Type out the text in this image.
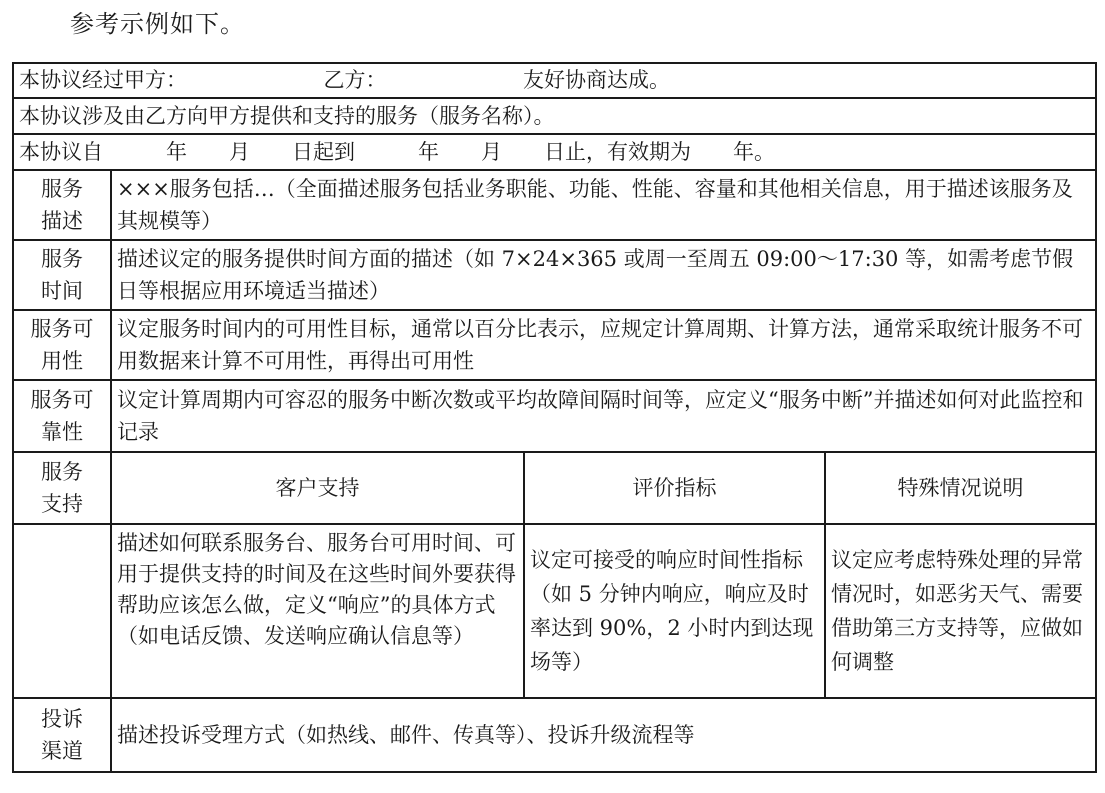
参考示例如下。
本协议经过甲方：　　　　　　　乙方：　　　　　　　友好协商达成。			
本协议涉及由乙方向甲方提供和支持的服务（服务名称）。			
本协议自　　　年　　月　　日起到　　　年　　月　　日止，有效期为　　年。			
服务
描述	×××服务包括…（全面描述服务包括业务职能、功能、性能、容量和其他相关信息，用于描述该服务及其规模等）		
服务
时间	描述议定的服务提供时间方面的描述（如 7×24×365 或周一至周五 09:00～17:30 等，如需考虑节假日等根据应用环境适当描述）		
服务可
用性	议定服务时间内的可用性目标，通常以百分比表示，应规定计算周期、计算方法，通常采取统计服务不可用数据来计算不可用性，再得出可用性		
服务可
靠性	议定计算周期内可容忍的服务中断次数或平均故障间隔时间等，应定义“服务中断”并描述如何对此监控和记录		
服务
支持	客户支持	评价指标	特殊情况说明
	描述如何联系服务台、服务台可用时间、可用于提供支持的时间及在这些时间外要获得帮助应该怎么做，定义“响应”的具体方式（如电话反馈、发送响应确认信息等）	议定可接受的响应时间性指标（如 5 分钟内响应，响应及时率达到 90%，2 小时内到达现场等）	议定应考虑特殊处理的异常情况时，如恶劣天气、需要借助第三方支持等，应做如何调整
投诉
渠道	描述投诉受理方式（如热线、邮件、传真等）、投诉升级流程等		
